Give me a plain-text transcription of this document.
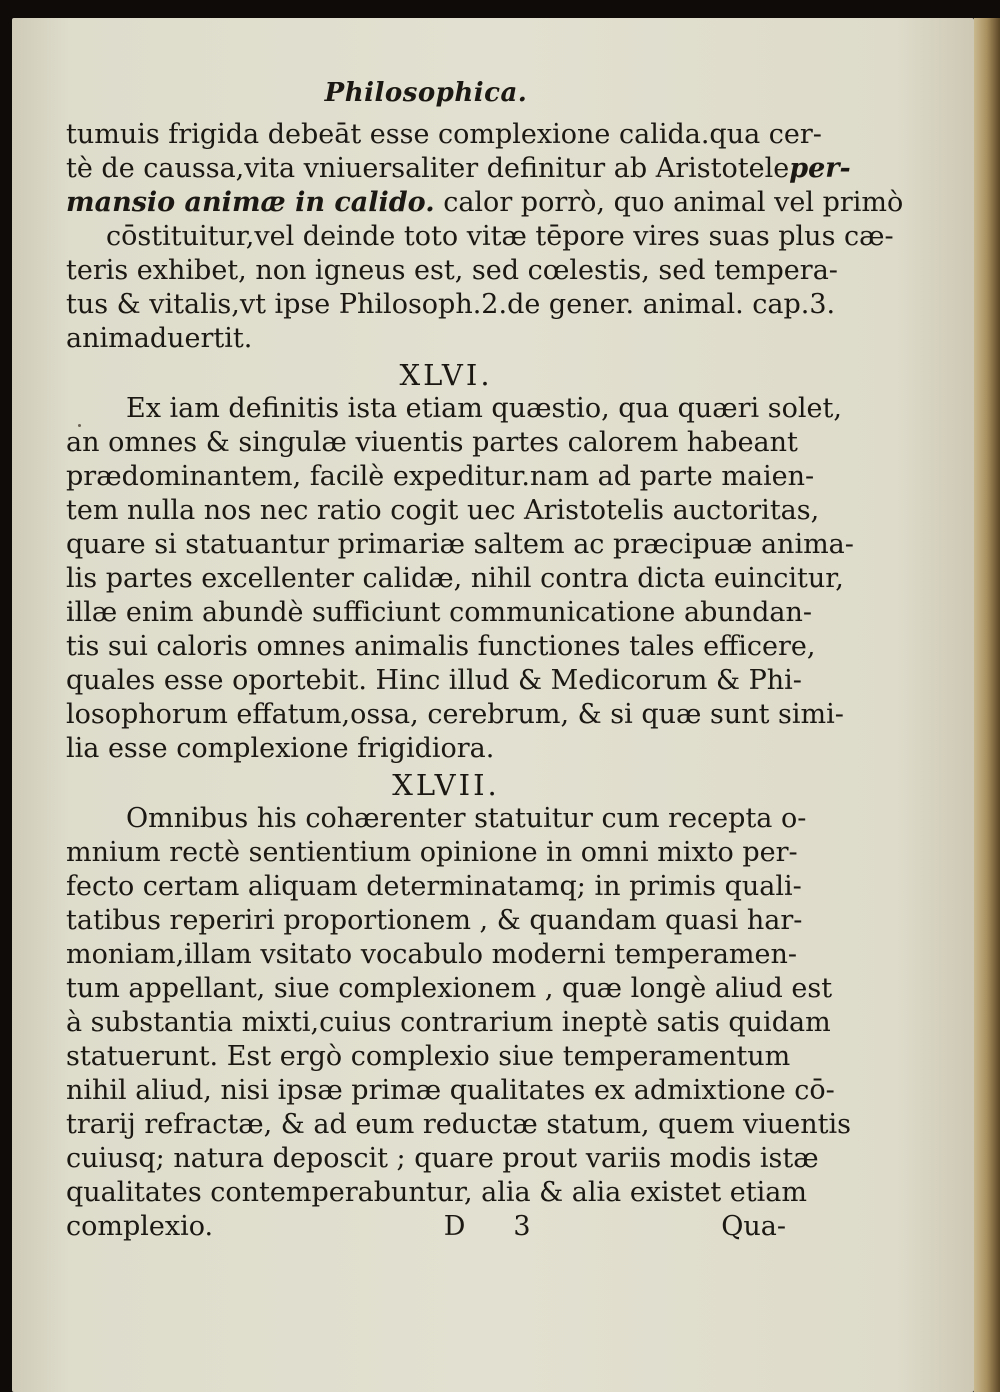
Philosophica.
tumuis frigida debeāt esse complexione calida.qua cer-
tè de caussa,vita vniuersaliter definitur ab Aristoteleper-
mansio animæ in calido. calor porrò, quo animal vel primò
cōstituitur,vel deinde toto vitæ tēpore vires suas plus cæ-
teris exhibet, non igneus est, sed cœlestis, sed tempera-
tus & vitalis,vt ipse Philosoph.2.de gener. animal. cap.3.
animaduertit.
XLVI.
Ex iam definitis ista etiam quæstio, qua quæri solet,
an omnes & singulæ viuentis partes calorem habeant
prædominantem, facilè expeditur.nam ad parte maien-
tem nulla nos nec ratio cogit uec Aristotelis auctoritas,
quare si statuantur primariæ saltem ac præcipuæ anima-
lis partes excellenter calidæ, nihil contra dicta euincitur,
illæ enim abundè sufficiunt communicatione abundan-
tis sui caloris omnes animalis functiones tales efficere,
quales esse oportebit. Hinc illud & Medicorum & Phi-
losophorum effatum,ossa, cerebrum, & si quæ sunt simi-
lia esse complexione frigidiora.
XLVII.
Omnibus his cohærenter statuitur cum recepta o-
mnium rectè sentientium opinione in omni mixto per-
fecto certam aliquam determinatamq; in primis quali-
tatibus reperiri proportionem , & quandam quasi har-
moniam,illam vsitato vocabulo moderni temperamen-
tum appellant, siue complexionem , quæ longè aliud est
à substantia mixti,cuius contrarium ineptè satis quidam
statuerunt. Est ergò complexio siue temperamentum
nihil aliud, nisi ipsæ primæ qualitates ex admixtione cō-
trarij refractæ, & ad eum reductæ statum, quem viuentis
cuiusq; natura deposcit ; quare prout variis modis istæ
qualitates contemperabuntur, alia & alia existet etiam
complexio.	D 3	Qua-
